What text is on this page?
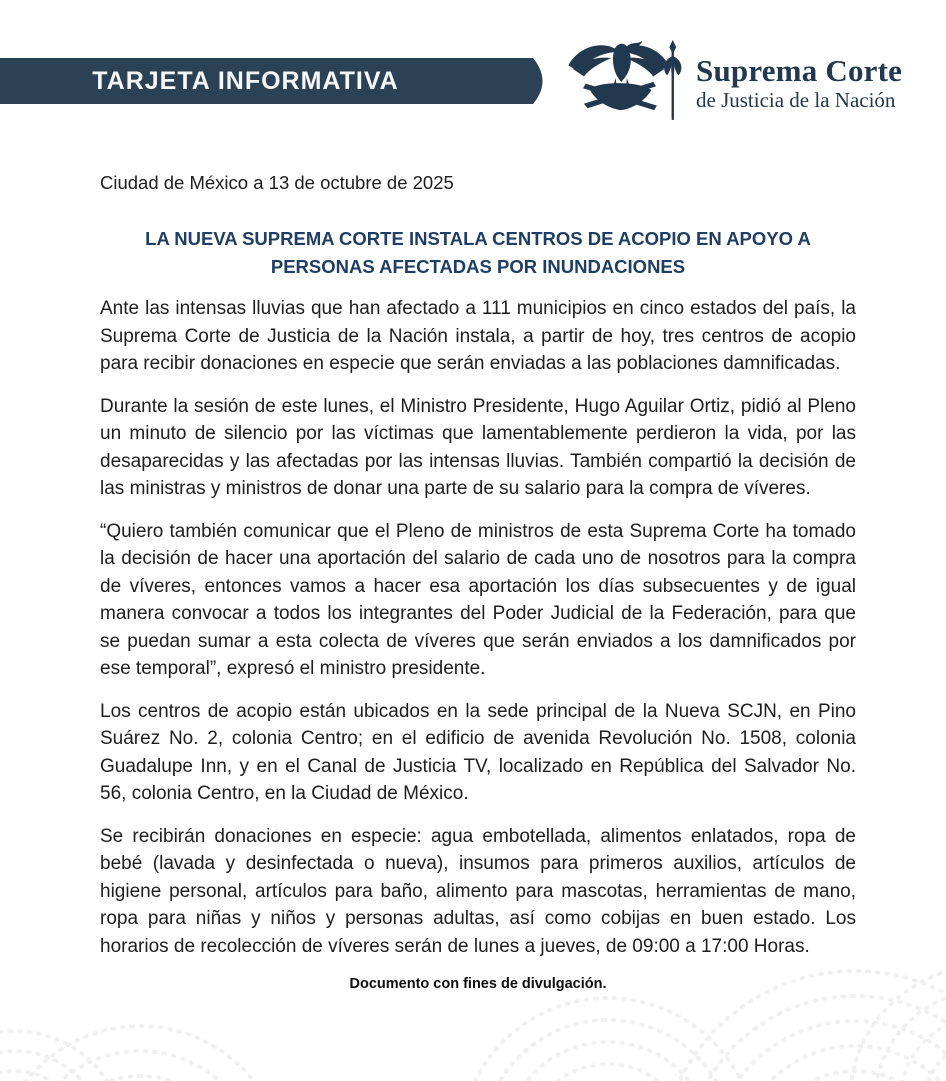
TARJETA INFORMATIVA	Suprema Corte
de Justicia de la Nación

Ciudad de México a 13 de octubre de 2025

LA NUEVA SUPREMA CORTE INSTALA CENTROS DE ACOPIO EN APOYO A PERSONAS AFECTADAS POR INUNDACIONES

Ante las intensas lluvias que han afectado a 111 municipios en cinco estados del país, la Suprema Corte de Justicia de la Nación instala, a partir de hoy, tres centros de acopio para recibir donaciones en especie que serán enviadas a las poblaciones damnificadas.

Durante la sesión de este lunes, el Ministro Presidente, Hugo Aguilar Ortiz, pidió al Pleno un minuto de silencio por las víctimas que lamentablemente perdieron la vida, por las desaparecidas y las afectadas por las intensas lluvias. También compartió la decisión de las ministras y ministros de donar una parte de su salario para la compra de víveres.

“Quiero también comunicar que el Pleno de ministros de esta Suprema Corte ha tomado la decisión de hacer una aportación del salario de cada uno de nosotros para la compra de víveres, entonces vamos a hacer esa aportación los días subsecuentes y de igual manera convocar a todos los integrantes del Poder Judicial de la Federación, para que se puedan sumar a esta colecta de víveres que serán enviados a los damnificados por ese temporal”, expresó el ministro presidente.

Los centros de acopio están ubicados en la sede principal de la Nueva SCJN, en Pino Suárez No. 2, colonia Centro; en el edificio de avenida Revolución No. 1508, colonia Guadalupe Inn, y en el Canal de Justicia TV, localizado en República del Salvador No. 56, colonia Centro, en la Ciudad de México.

Se recibirán donaciones en especie: agua embotellada, alimentos enlatados, ropa de bebé (lavada y desinfectada o nueva), insumos para primeros auxilios, artículos de higiene personal, artículos para baño, alimento para mascotas, herramientas de mano, ropa para niñas y niños y personas adultas, así como cobijas en buen estado. Los horarios de recolección de víveres serán de lunes a jueves, de 09:00 a 17:00 Horas.

Documento con fines de divulgación.
